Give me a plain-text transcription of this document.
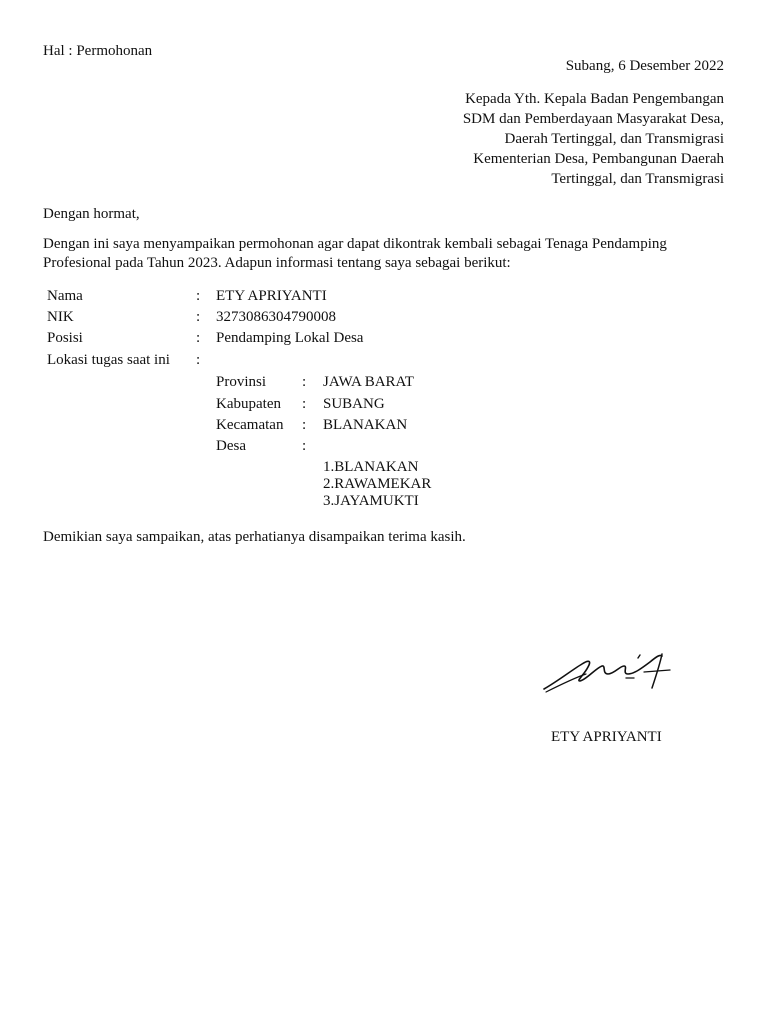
Hal : Permohonan
Subang, 6 Desember 2022
Kepada Yth. Kepala Badan Pengembangan
SDM dan Pemberdayaan Masyarakat Desa,
Daerah Tertinggal, dan Transmigrasi
Kementerian Desa, Pembangunan Daerah
Tertinggal, dan Transmigrasi
Dengan hormat,
Dengan ini saya menyampaikan permohonan agar dapat dikontrak kembali sebagai Tenaga Pendamping
Profesional pada Tahun 2023. Adapun informasi tentang saya sebagai berikut:
Nama	: ETY APRIYANTI
NIK	: 3273086304790008
Posisi	: Pendamping Lokal Desa
Lokasi tugas saat ini :
Provinsi : JAWA BARAT
Kabupaten : SUBANG
Kecamatan : BLANAKAN
Desa	:
1.BLANAKAN
2.RAWAMEKAR
3.JAYAMUKTI
Demikian saya sampaikan, atas perhatianya disampaikan terima kasih.
ETY APRIYANTI
